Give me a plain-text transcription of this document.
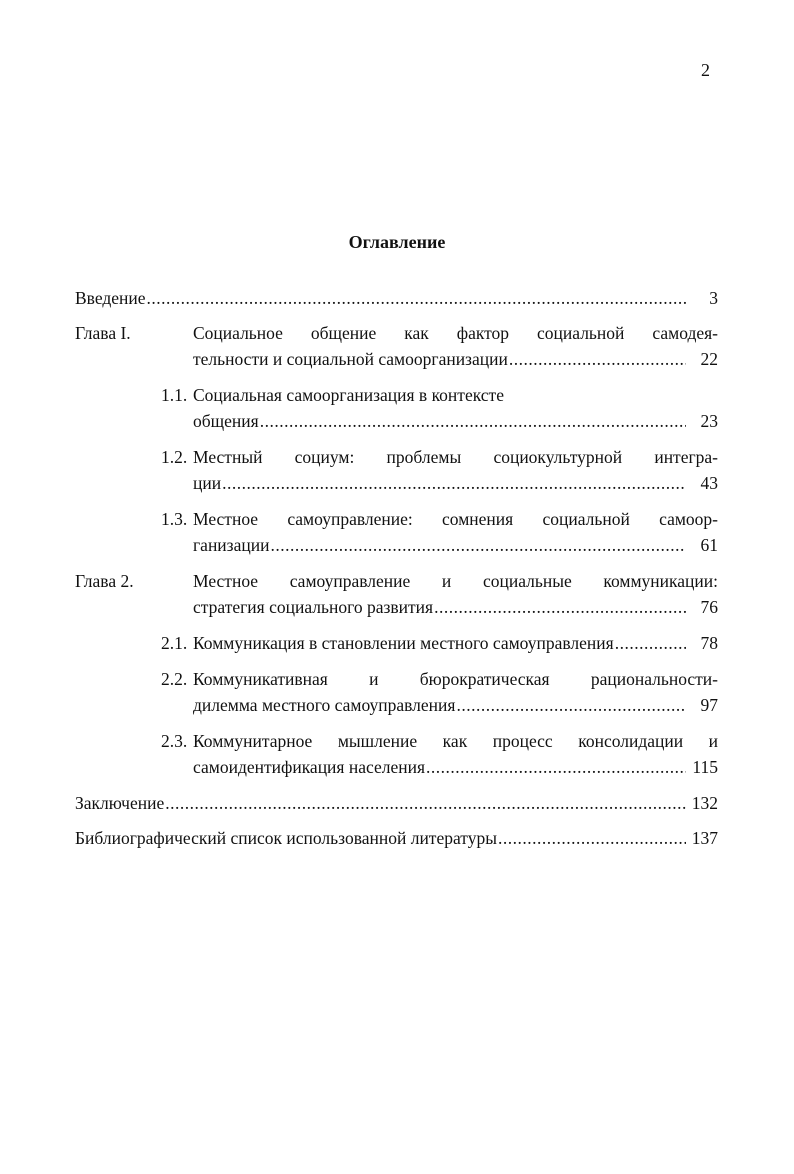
2
Оглавление
Введение .....	3
Глава I.	Социальное общение как фактор социальной самодея-
тельности и социальной самоорганизации .....	22
1.1. Социальная самоорганизация в контексте
общения .....	23
1.2. Местный социум: проблемы социокультурной интегра-
ции .....	43
1.3. Местное самоуправление: сомнения социальной самоор-
ганизации .....	61
Глава 2.	Местное самоуправление и социальные коммуникации:
стратегия социального развития .....	76
2.1. Коммуникация в становлении местного самоуправления .....	78
2.2. Коммуникативная и бюрократическая рациональности-
дилемма местного самоуправления .....	97
2.3. Коммунитарное мышление как процесс консолидации и
самоидентификация населения .....	115
Заключение .....	132
Библиографический список использованной литературы .....	137
